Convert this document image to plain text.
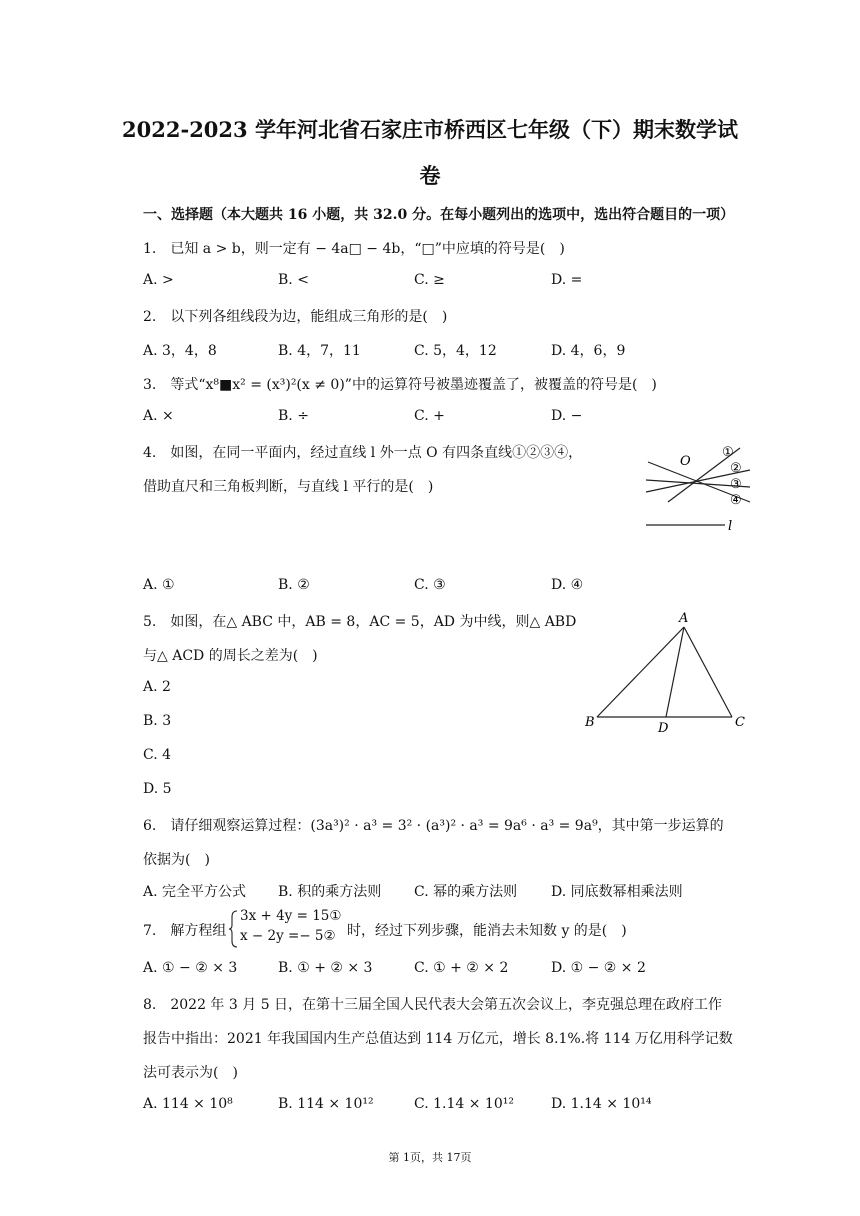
2022-2023 学年河北省石家庄市桥西区七年级（下）期末数学试
卷
一、选择题（本大题共 16 小题，共 32.0 分。在每小题列出的选项中，选出符合题目的一项）
1.　已知 a > b，则一定有 − 4a□ − 4b，“□”中应填的符号是(　)
A. >	B. <	C. ≥	D. =
2.　以下列各组线段为边，能组成三角形的是(　)
A. 3，4，8	B. 4，7，11	C. 5，4，12	D. 4，6，9
3.　等式“x⁸■x² = (x³)²(x ≠ 0)”中的运算符号被墨迹覆盖了，被覆盖的符号是(　)
A. ×	B. ÷	C. +	D. −
4.　如图，在同一平面内，经过直线 l 外一点 O 有四条直线①②③④，
借助直尺和三角板判断，与直线 l 平行的是(　)
O
l
①
②
③
④
A. ①	B. ②	C. ③	D. ④
5.　如图，在△ ABC 中，AB = 8，AC = 5，AD 为中线，则△ ABD
与△ ACD 的周长之差为(　)
A. 2
B. 3
C. 4
D. 5
A
B	C
D
6.　请仔细观察运算过程：(3a³)² · a³ = 3² · (a³)² · a³ = 9a⁶ · a³ = 9a⁹，其中第一步运算的
依据为(　)
A. 完全平方公式 B. 积的乘方法则 C. 幂的乘方法则 D. 同底数幂相乘法则
7.　解方程组
3x + 4y = 15①
x − 2y =− 5② 时，经过下列步骤，能消去未知数 y 的是(　)
A. ① − ② × 3	B. ① + ② × 3	C. ① + ② × 2	D. ① − ② × 2
8.　2022 年 3 月 5 日，在第十三届全国人民代表大会第五次会议上，李克强总理在政府工作
报告中指出：2021 年我国国内生产总值达到 114 万亿元，增长 8.1%.将 114 万亿用科学记数
法可表示为(　)
A. 114 × 10⁸	B. 114 × 10¹²	C. 1.14 × 10¹²	D. 1.14 × 10¹⁴
第 1页，共 17页
